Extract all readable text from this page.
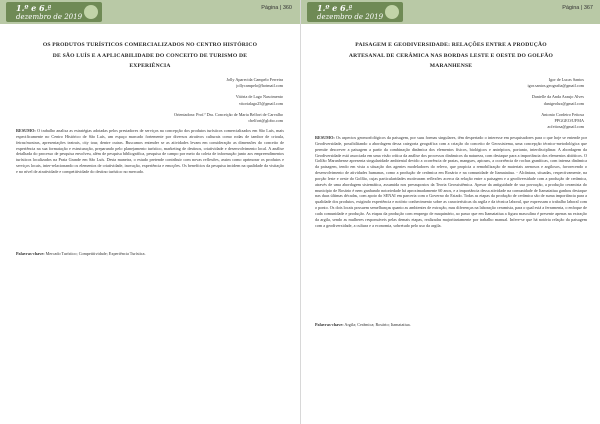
1.º e 6.ª
dezembro de 2019
Página | 360
OS PRODUTOS TURÍSTICOS COMERCIALIZADOS NO CENTRO HISTÓRICO
DE SÃO LUÍS E A APLICABILIDADE DO CONCEITO DE TURISMO DE
EXPERIÊNCIA
Jolly Aparecida Campelo Ferreira
jollycampelo@hotmail.com
Vitória de Lago Nascimento
vitorialago25@gmail.com
Orientadora: Prof.ª Dra. Conceição de Maria Belfort de Carvalho
cbelfort@globo.com
RESUMO: O trabalho analisa as estratégias adotadas pelos prestadores de serviços na concepção dos produtos turísticos comercializados em São Luís, mais especificamente no Centro Histórico de São Luís, um espaço marcado fortemente por diversos atrativos culturais como rodas de tambor de crioula, feiras/mostras, apresentações teatrais, city tour, dentre outras. Buscamos entender se as atividades levam em consideração as dimensões do conceito de experiência na sua formatação e estruturação, preparando pelo planejamento turístico, marketing de destinos, criatividade e desenvolvimento local. A análise detalhada do processo de pesquisa envolveu, além de pesquisa bibliográfica, pesquisa de campo por meio da coleta de informação junto aos empreendimentos turísticos localizados na Praia Grande em São Luís. Desta maneira, o estudo pretende contribuir com novas reflexões, assim como aprimorar os produtos e serviços locais, inter-relacionando os elementos de criatividade, inovação, experiência e emoções. Os benefícios da pesquisa incidem na qualidade da visitação e no nível de atratividade e competitividade do destino turístico no mercado.
Palavras-chave: Mercado Turístico; Competitividade; Experiência Turística.
1.º e 6.ª
dezembro de 2019
Página | 367
PAISAGEM E GEODIVERSIDADE: RELAÇÕES ENTRE A PRODUÇÃO
ARTESANAL DE CERÂMICA NAS BORDAS LESTE E OESTE DO GOLFÃO
MARANHENSE
Igor de Lucas Santos
igor.santos.geografia@gmail.com
Danielle da Anda Araujo Alves
danigeolux@gmail.com
Antonio Cordeiro Feitosa
PPGGEO/UFMA
acfeitosa@gmail.com
RESUMO: Os aspectos geomorfológicos da paisagem, por suas formas singulares, têm despertado o interesse em pesquisadores para o que hoje se entende por Geodiversidade, possibilitando a abordagem dessa categoria geográfica com a criação do conceito de Geossistema, uma concepção técnico-metodológica que permite descrever a paisagem a partir da combinação dinâmica dos elementos físicos, biológicos e antrópicos, portanto, interdisciplinar. A abordagem da Geodiversidade está associada em uma visão crítica da análise dos processos dinâmicos da natureza, com destaque para a importância dos elementos abióticos. O Golfão Maranhense apresenta singularidade ambiental devido a ocorrência de praias, mangues, apicuns, a ocorrência de rochas graníticas, com intensa dinâmica da paisagem, tendo em vista a situação dos agentes modeladores do relevo, que propicia a remobilização de materiais arenosos e argilosos, favorecendo o desenvolvimento de atividades humanas, como a produção de cerâmica em Rosário e na comunidade de Itamatatiua. - Alcântara, situadas, respectivamente, na porção leste e oeste do Golfão, cujas particularidades motivaram reflexões acerca da relação entre a paisagem e a geodiversidade com a produção de cerâmica, através de uma abordagem sistemática, assumida nos pressupostos da Teoria Geossistêmica. Apesar da antiguidade de sua povoação, a produção ceramista do município de Rosário é nem ganhando notoriedade há aproximadamente 60 anos, e a importância dessa atividade na comunidade de Itamatatiua ganhou destaque nas duas últimas décadas, com apoio do SENAI em parceria com o Governo do Estado. Todas as etapas da produção de cerâmica são de suma importância para a qualidade dos produtos, exigindo experiência e notório conhecimento sobre as características da argila e da técnica laboral, que expressam o trabalho laboral com o ponto. Os dois locais possuem semelhanças quanto as ambientes de extração, mas diferenças na laboração ceramista, para o qual está a ferramenta, o enfoque de cada comunidade e produção. As etapas da produção com emprego de maquinário, ao passo que em Itamatatiua a figura masculina é presente apenas na extração da argila, sendo as mulheres responsáveis pelas demais etapas, realizadas majoritariamente por trabalho manual. Infere-se que há notória relação da paisagem com a geodiversidade, a cultura e a economia, sobretudo pelo uso da argila.
Palavras-chave: Argila; Cerâmica; Rosário; Itamatatiua.
